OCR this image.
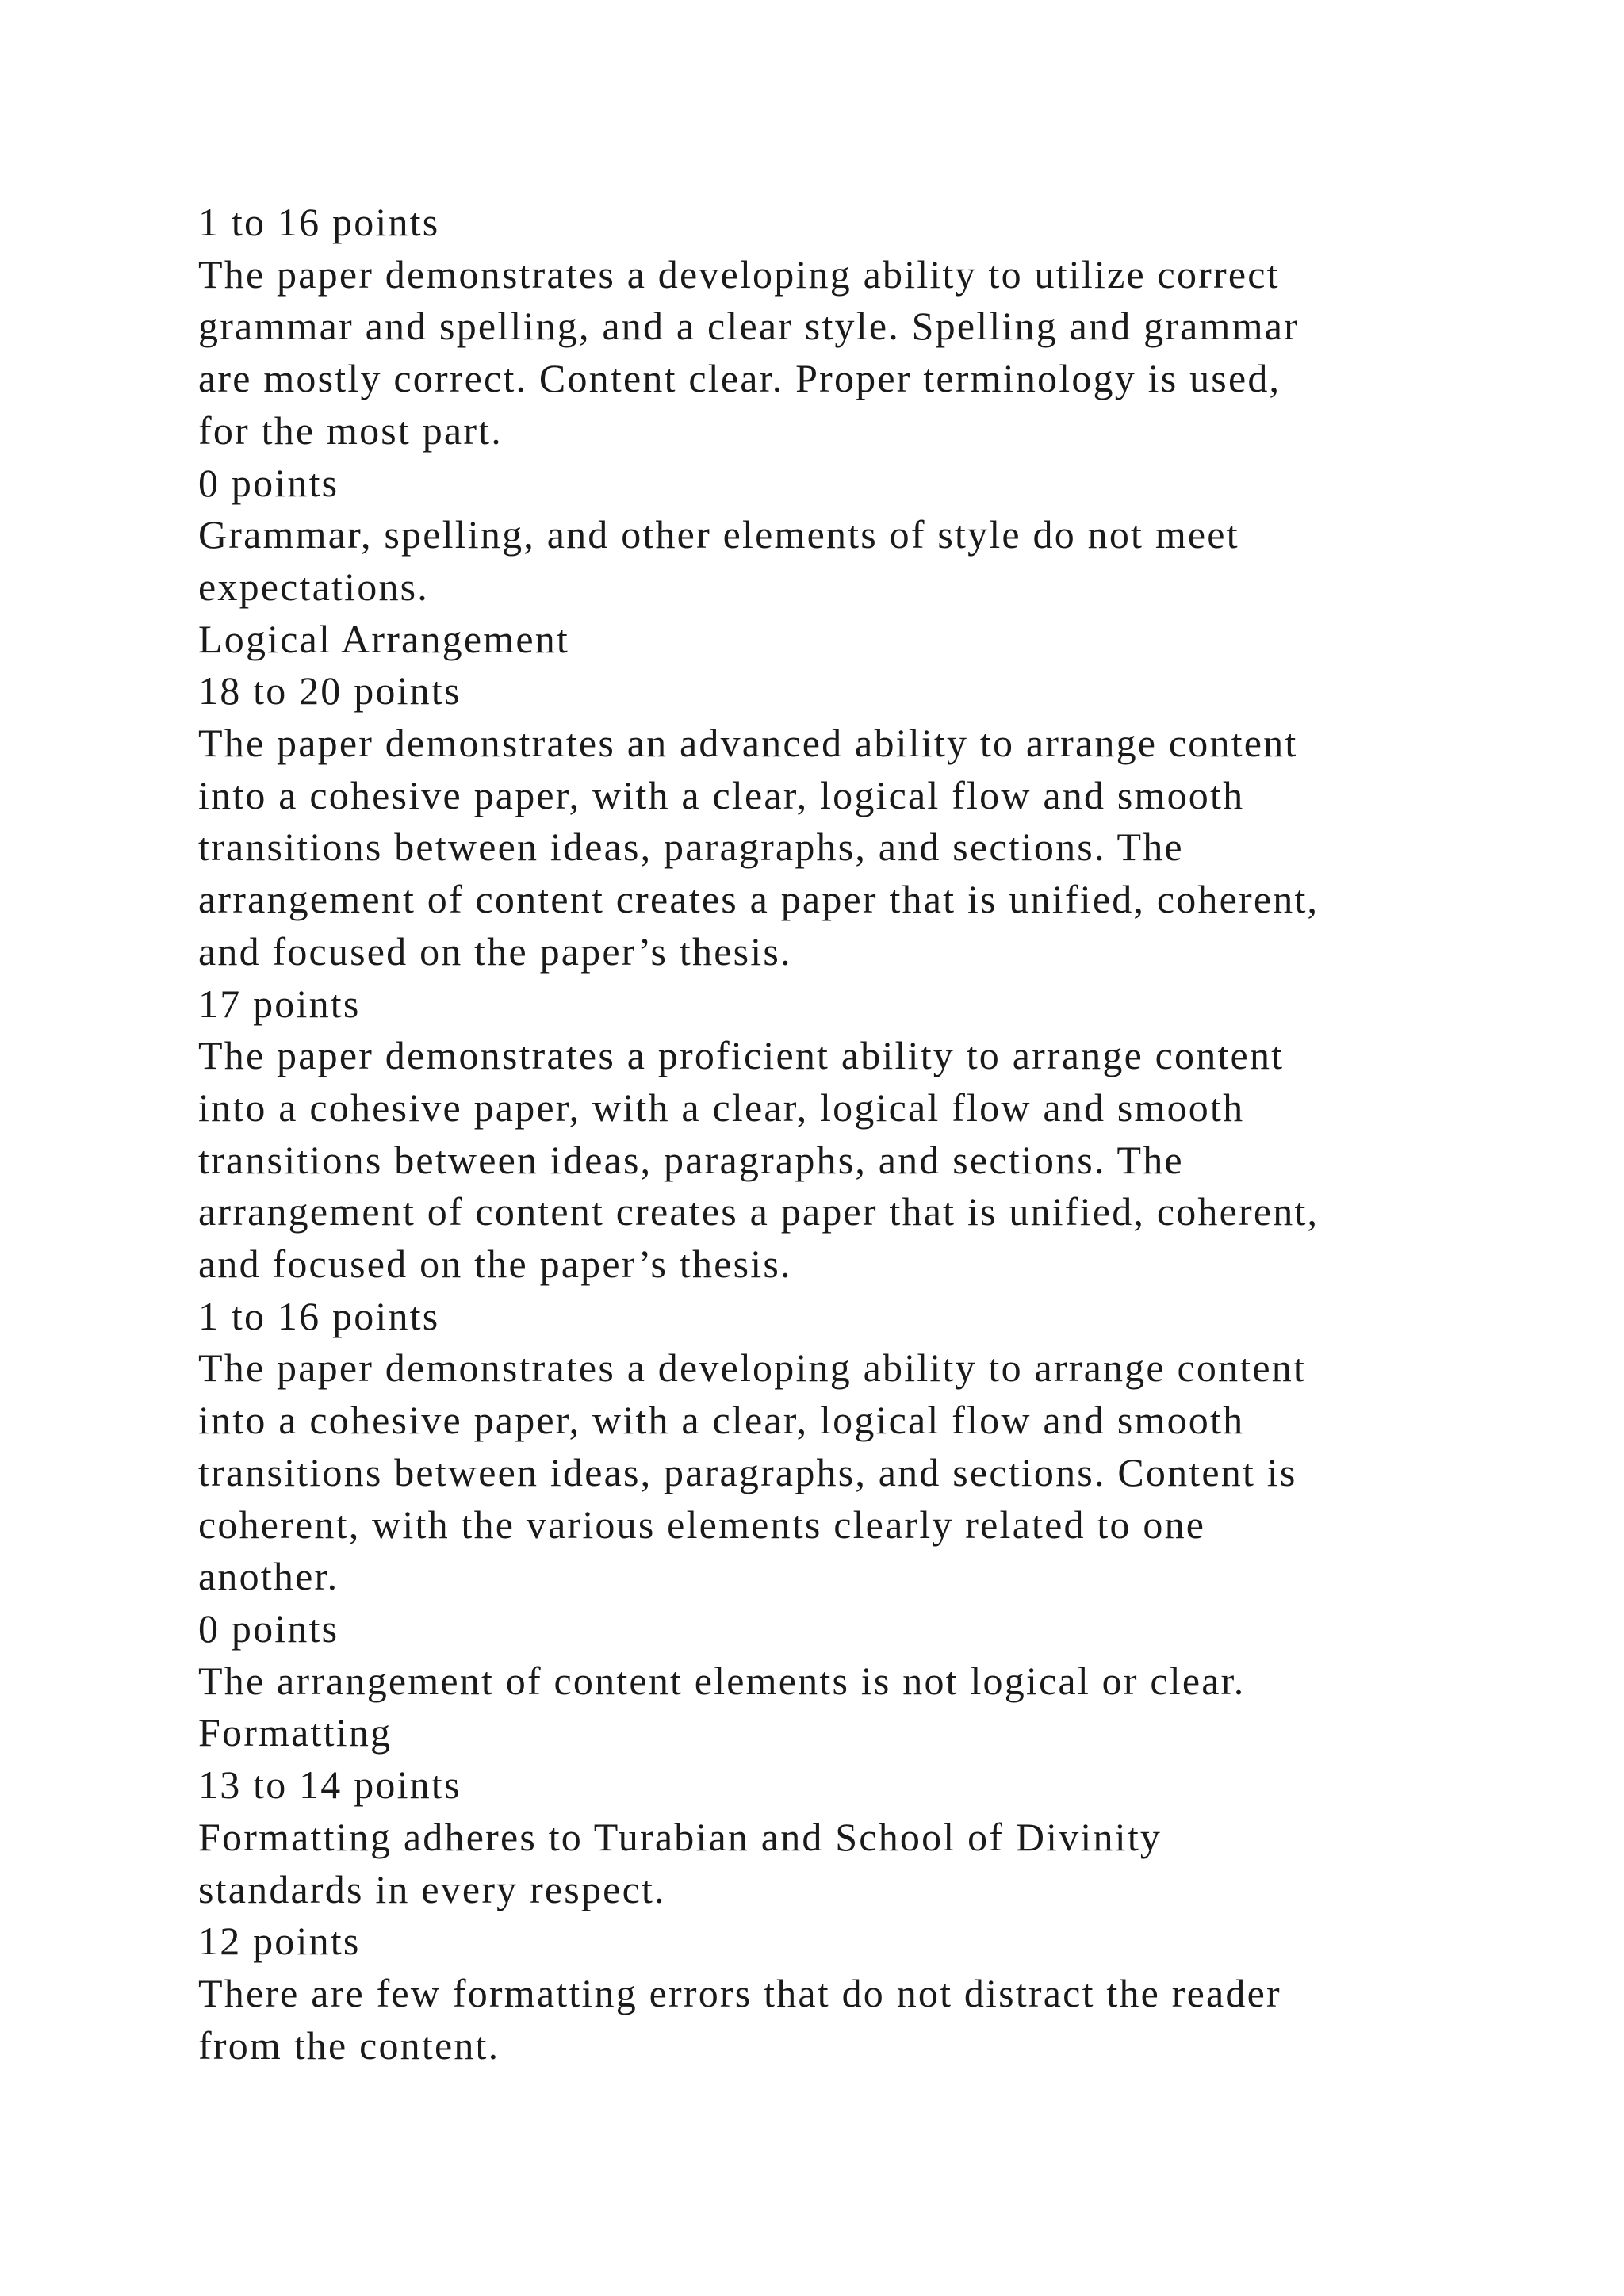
1 to 16 points
The paper demonstrates a developing ability to utilize correct
grammar and spelling, and a clear style. Spelling and grammar
are mostly correct. Content clear. Proper terminology is used,
for the most part.
0 points
Grammar, spelling, and other elements of style do not meet
expectations.
Logical Arrangement
18 to 20 points
The paper demonstrates an advanced ability to arrange content
into a cohesive paper, with a clear, logical flow and smooth
transitions between ideas, paragraphs, and sections. The
arrangement of content creates a paper that is unified, coherent,
and focused on the paper’s thesis.
17 points
The paper demonstrates a proficient ability to arrange content
into a cohesive paper, with a clear, logical flow and smooth
transitions between ideas, paragraphs, and sections. The
arrangement of content creates a paper that is unified, coherent,
and focused on the paper’s thesis.
1 to 16 points
The paper demonstrates a developing ability to arrange content
into a cohesive paper, with a clear, logical flow and smooth
transitions between ideas, paragraphs, and sections. Content is
coherent, with the various elements clearly related to one
another.
0 points
The arrangement of content elements is not logical or clear.
Formatting
13 to 14 points
Formatting adheres to Turabian and School of Divinity
standards in every respect.
12 points
There are few formatting errors that do not distract the reader
from the content.
